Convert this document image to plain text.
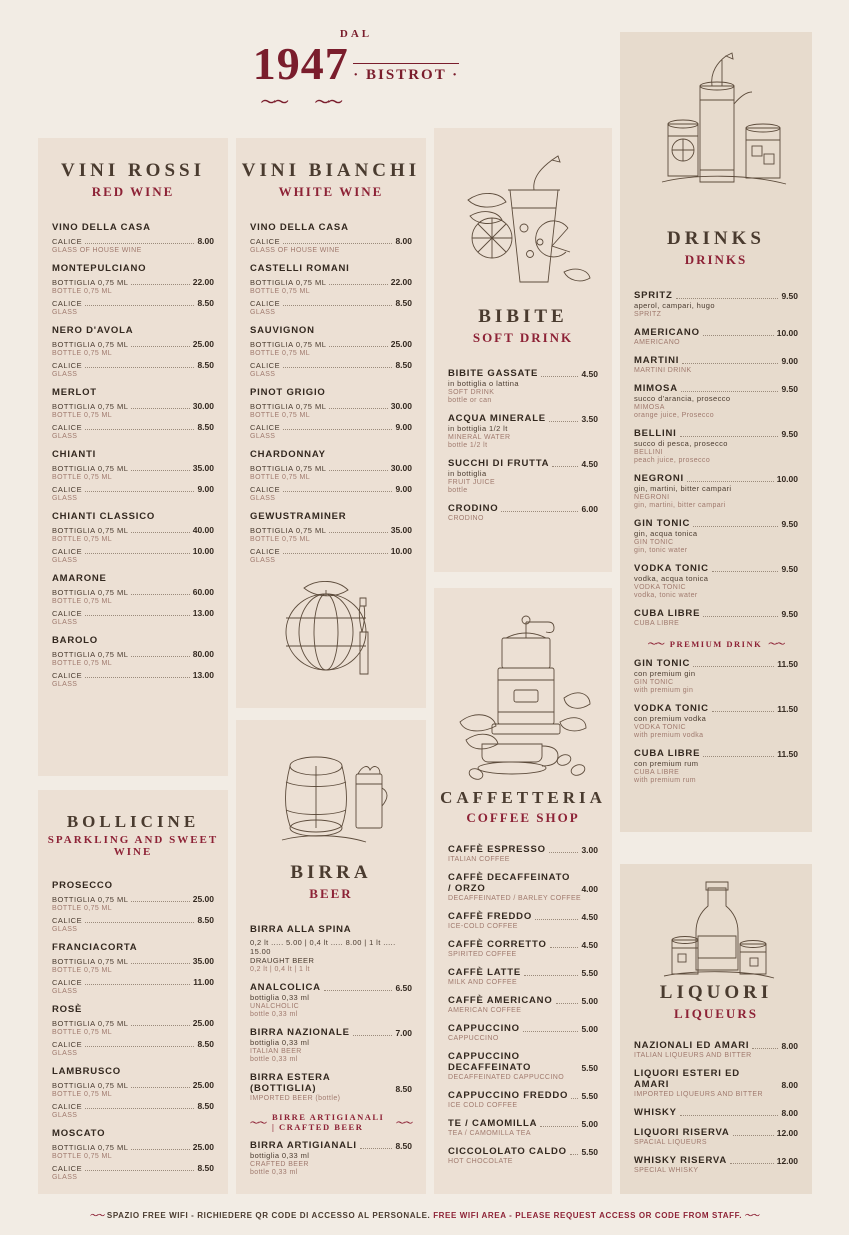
DAL
〜〜
1947
〜〜
· BISTROT ·
VINI ROSSI
RED WINE
VINO DELLA CASA
CALICE	8.00
GLASS OF HOUSE WINE
MONTEPULCIANO
BOTTIGLIA 0,75 ML	22.00
BOTTLE 0,75 ML
CALICE	8.50
GLASS
NERO D'AVOLA
BOTTIGLIA 0,75 ML	25.00
BOTTLE 0,75 ML
CALICE	8.50
GLASS
MERLOT
BOTTIGLIA 0,75 ML	30.00
BOTTLE 0,75 ML
CALICE	8.50
GLASS
CHIANTI
BOTTIGLIA 0,75 ML	35.00
BOTTLE 0,75 ML
CALICE	9.00
GLASS
CHIANTI CLASSICO
BOTTIGLIA 0,75 ML	40.00
BOTTLE 0,75 ML
CALICE	10.00
GLASS
AMARONE
BOTTIGLIA 0,75 ML	60.00
BOTTLE 0,75 ML
CALICE	13.00
GLASS
BAROLO
BOTTIGLIA 0,75 ML	80.00
BOTTLE 0,75 ML
CALICE	13.00
GLASS
BOLLICINE
SPARKLING AND SWEET WINE
PROSECCO
BOTTIGLIA 0,75 ML	25.00
BOTTLE 0,75 ML
CALICE	8.50
GLASS
FRANCIACORTA
BOTTIGLIA 0,75 ML	35.00
BOTTLE 0,75 ML
CALICE	11.00
GLASS
ROSÈ
BOTTIGLIA 0,75 ML	25.00
BOTTLE 0,75 ML
CALICE	8.50
GLASS
LAMBRUSCO
BOTTIGLIA 0,75 ML	25.00
BOTTLE 0,75 ML
CALICE	8.50
GLASS
MOSCATO
BOTTIGLIA 0,75 ML	25.00
BOTTLE 0,75 ML
CALICE	8.50
GLASS
VINI BIANCHI
WHITE WINE
VINO DELLA CASA
CALICE	8.00
GLASS OF HOUSE WINE
CASTELLI ROMANI
BOTTIGLIA 0,75 ML	22.00
BOTTLE 0,75 ML
CALICE	8.50
GLASS
SAUVIGNON
BOTTIGLIA 0,75 ML	25.00
BOTTLE 0,75 ML
CALICE	8.50
GLASS
PINOT GRIGIO
BOTTIGLIA 0,75 ML	30.00
BOTTLE 0,75 ML
CALICE	9.00
GLASS
CHARDONNAY
BOTTIGLIA 0,75 ML	30.00
BOTTLE 0,75 ML
CALICE	9.00
GLASS
GEWUSTRAMINER
BOTTIGLIA 0,75 ML	35.00
BOTTLE 0,75 ML
CALICE	10.00
GLASS
BIRRA
BEER
BIRRA ALLA SPINA
0,2 lt ..... 5.00 | 0,4 lt ..... 8.00 | 1 lt ..... 15.00
DRAUGHT BEER
0,2 lt | 0,4 lt | 1 lt
ANALCOLICA	6.50
bottiglia 0,33 ml
UNALCHOLIC
bottle 0,33 ml
BIRRA NAZIONALE	7.00
bottiglia 0,33 ml
ITALIAN BEER
bottle 0,33 ml
BIRRA ESTERA (BOTTIGLIA)	8.50
IMPORTED BEER (bottle)
〜〜
BIRRE ARTIGIANALI | CRAFTED BEER	〜〜
BIRRA ARTIGIANALI	8.50
bottiglia 0,33 ml
CRAFTED BEER
bottle 0,33 ml
BIBITE
SOFT DRINK
BIBITE GASSATE	4.50
in bottiglia o lattina
SOFT DRINK
bottle or can
ACQUA MINERALE	3.50
in bottiglia 1/2 lt
MINERAL WATER
bottle 1/2 lt
SUCCHI DI FRUTTA	4.50
in bottiglia
FRUIT JUICE
bottle
CRODINO	6.00
CRODINO
CAFFETTERIA
COFFEE SHOP
CAFFÈ ESPRESSO	3.00
ITALIAN COFFEE
CAFFÈ DECAFFEINATO / ORZO	4.00
DECAFFEINATED / BARLEY COFFEE
CAFFÈ FREDDO	4.50
ICE-COLD COFFEE
CAFFÈ CORRETTO	4.50
SPIRITED COFFEE
CAFFÈ LATTE	5.50
MILK AND COFFEE
CAFFÈ AMERICANO	5.00
AMERICAN COFFEE
CAPPUCCINO	5.00
CAPPUCCINO
CAPPUCCINO DECAFFEINATO	5.50
DECAFFEINATED CAPPUCCINO
CAPPUCCINO FREDDO 5.50
ICE COLD COFFEE
TE / CAMOMILLA	5.00
TEA / CAMOMILLA TEA
CICCOLOLATO CALDO 5.50
HOT CHOCOLATE
DRINKS
DRINKS
SPRITZ	9.50
aperol, campari, hugo
SPRITZ
AMERICANO	10.00
AMERICANO
MARTINI	9.00
MARTINI DRINK
MIMOSA	9.50
succo d'arancia, prosecco
MIMOSA
orange juice, Prosecco
BELLINI	9.50
succo di pesca, prosecco
BELLINI
peach juice, prosecco
NEGRONI	10.00
gin, martini, bitter campari
NEGRONI
gin, martini, bitter campari
GIN TONIC	9.50
gin, acqua tonica
GIN TONIC
gin, tonic water
VODKA TONIC	9.50
vodka, acqua tonica
VODKA TONIC
vodka, tonic water
CUBA LIBRE	9.50
CUBA LIBRE
〜〜 PREMIUM DRINK 〜〜
GIN TONIC	11.50
con premium gin
GIN TONIC
with premium gin
VODKA TONIC	11.50
con premium vodka
VODKA TONIC
with premium vodka
CUBA LIBRE	11.50
con premium rum
CUBA LIBRE
with premium rum
LIQUORI
LIQUEURS
NAZIONALI ED AMARI	8.00
ITALIAN LIQUEURS AND BITTER
LIQUORI ESTERI ED AMARI	8.00
IMPORTED LIQUEURS AND BITTER
WHISKY	8.00
LIQUORI RISERVA	12.00
SPACIAL LIQUEURS
WHISKY RISERVA	12.00
SPECIAL WHISKY
〜〜 SPAZIO FREE WIFI - RICHIEDERE QR CODE DI ACCESSO AL PERSONALE. FREE WIFI AREA - PLEASE REQUEST ACCESS OR CODE FROM STAFF. 〜〜
